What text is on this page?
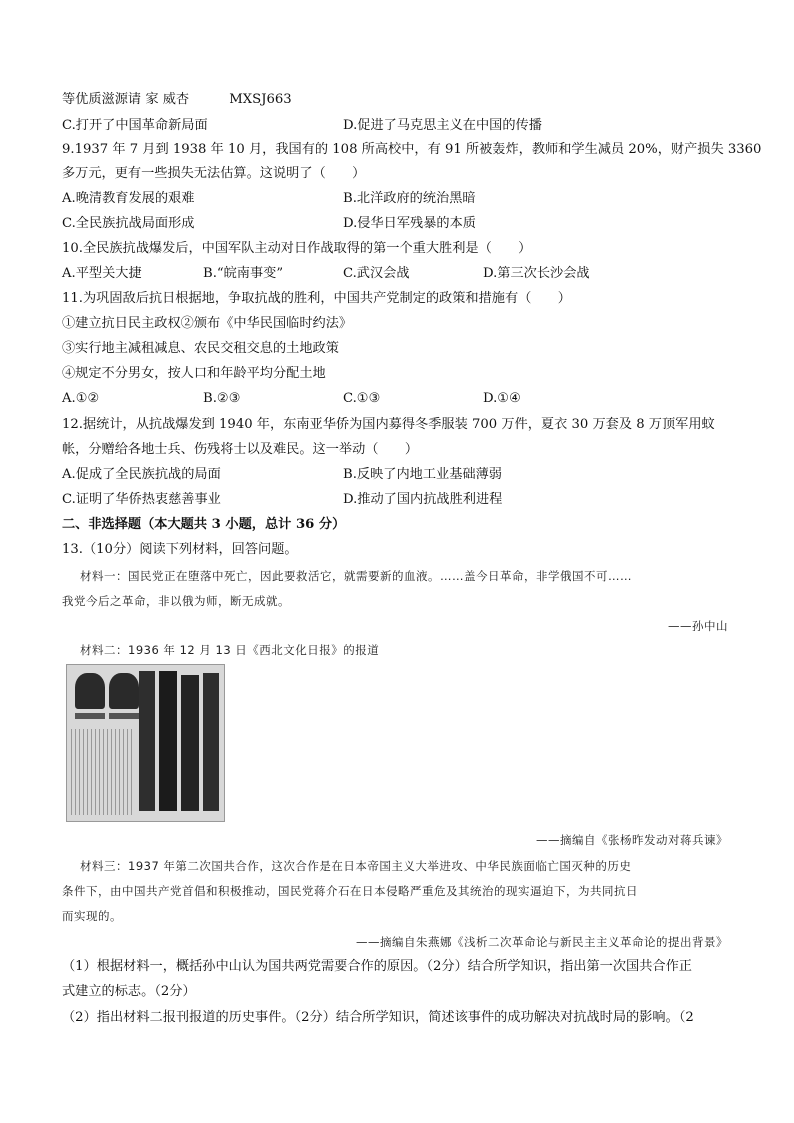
等优质滋源请 家 威杏	MXSJ663
C.打开了中国革命新局面	D.促进了马克思主义在中国的传播
9.1937 年 7 月到 1938 年 10 月，我国有的 108 所高校中，有 91 所被轰炸，教师和学生减员 20%，财产损失 3360
多万元，更有一些损失无法估算。这说明了（　　）
A.晚清教育发展的艰难	B.北洋政府的统治黑暗
C.全民族抗战局面形成	D.侵华日军残暴的本质
10.全民族抗战爆发后，中国军队主动对日作战取得的第一个重大胜利是（　　）
A.平型关大捷	B.“皖南事变”	C.武汉会战	D.第三次长沙会战
11.为巩固敌后抗日根据地，争取抗战的胜利，中国共产党制定的政策和措施有（　　）
①建立抗日民主政权②颁布《中华民国临时约法》
③实行地主减租减息、农民交租交息的土地政策
④规定不分男女，按人口和年龄平均分配土地
A.①②	B.②③	C.①③	D.①④
12.据统计，从抗战爆发到 1940 年，东南亚华侨为国内募得冬季服装 700 万件，夏衣 30 万套及 8 万顶军用蚊
帐，分赠给各地士兵、伤残将士以及难民。这一举动（　　）
A.促成了全民族抗战的局面	B.反映了内地工业基础薄弱
C.证明了华侨热衷慈善事业	D.推动了国内抗战胜利进程
二、非选择题（本大题共 3 小题，总计 36 分）
13.（10分）阅读下列材料，回答问题。
材料一：国民党正在堕落中死亡，因此要救活它，就需要新的血液。……盖今日革命，非学俄国不可……
我党今后之革命，非以俄为师，断无成就。
——孙中山
材料二：1936 年 12 月 13 日《西北文化日报》的报道
——摘编自《张杨昨发动对蒋兵谏》
材料三：1937 年第二次国共合作，这次合作是在日本帝国主义大举进攻、中华民族面临亡国灭种的历史
条件下，由中国共产党首倡和积极推动，国民党蒋介石在日本侵略严重危及其统治的现实逼迫下，为共同抗日
而实现的。
——摘编自朱燕娜《浅析二次革命论与新民主主义革命论的提出背景》
（1）根据材料一，概括孙中山认为国共两党需要合作的原因。（2分）结合所学知识，指出第一次国共合作正
式建立的标志。（2分）
（2）指出材料二报刊报道的历史事件。（2分）结合所学知识，简述该事件的成功解决对抗战时局的影响。（2
